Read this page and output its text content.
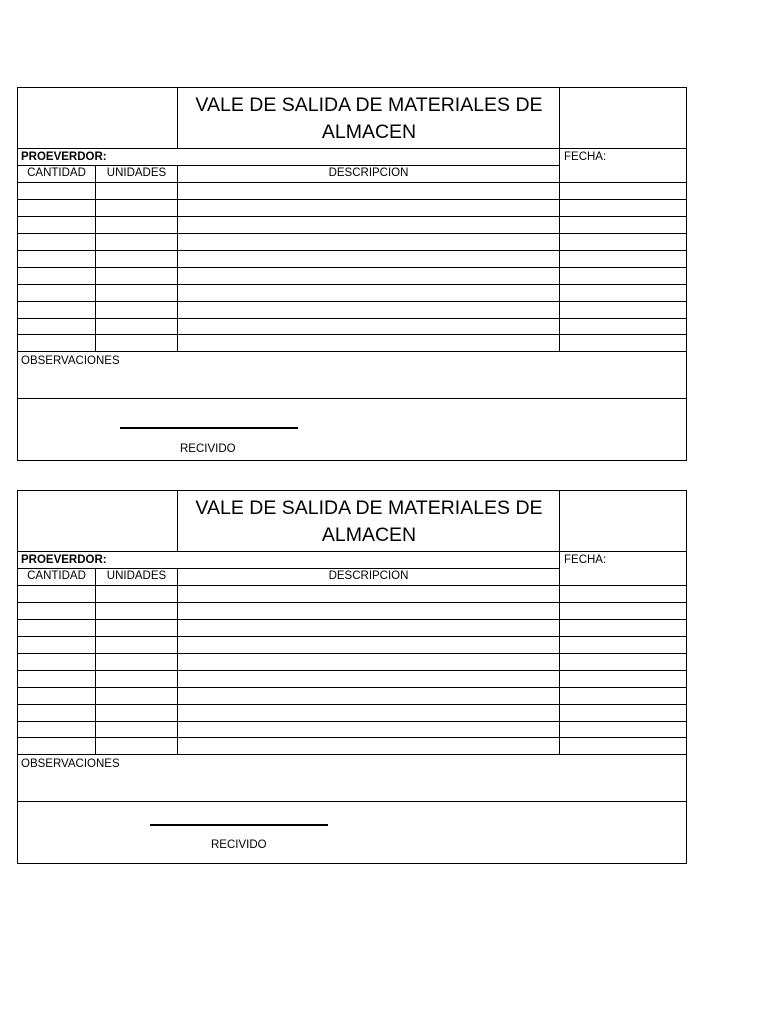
VALE DE SALIDA DE MATERIALES DE ALMACEN
PROEVERDOR:	FECHA:
CANTIDAD	UNIDADES	DESCRIPCION
OBSERVACIONES
RECIVIDO
VALE DE SALIDA DE MATERIALES DE ALMACEN
PROEVERDOR:	FECHA:
CANTIDAD	UNIDADES	DESCRIPCION
OBSERVACIONES
RECIVIDO
